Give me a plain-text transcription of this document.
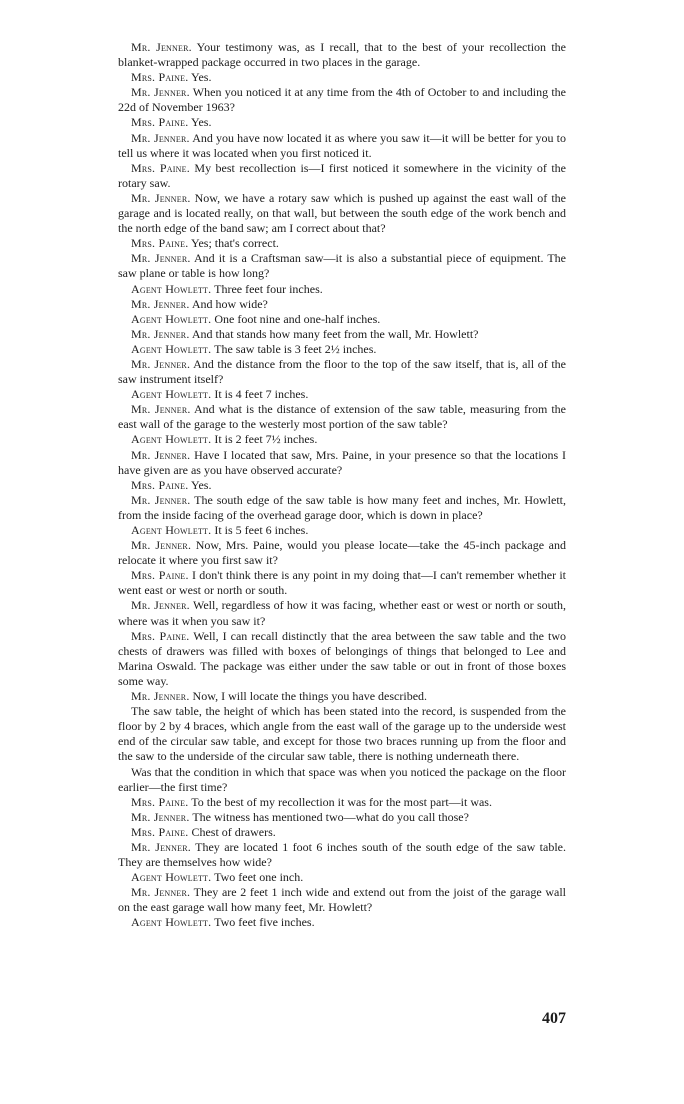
Mr. Jenner. Your testimony was, as I recall, that to the best of your recollection the blanket-wrapped package occurred in two places in the garage.

Mrs. Paine. Yes.

Mr. Jenner. When you noticed it at any time from the 4th of October to and including the 22d of November 1963?

Mrs. Paine. Yes.

Mr. Jenner. And you have now located it as where you saw it—it will be better for you to tell us where it was located when you first noticed it.

Mrs. Paine. My best recollection is—I first noticed it somewhere in the vicinity of the rotary saw.

Mr. Jenner. Now, we have a rotary saw which is pushed up against the east wall of the garage and is located really, on that wall, but between the south edge of the work bench and the north edge of the band saw; am I correct about that?

Mrs. Paine. Yes; that's correct.

Mr. Jenner. And it is a Craftsman saw—it is also a substantial piece of equipment. The saw plane or table is how long?

Agent Howlett. Three feet four inches.

Mr. Jenner. And how wide?

Agent Howlett. One foot nine and one-half inches.

Mr. Jenner. And that stands how many feet from the wall, Mr. Howlett?

Agent Howlett. The saw table is 3 feet 2½ inches.

Mr. Jenner. And the distance from the floor to the top of the saw itself, that is, all of the saw instrument itself?

Agent Howlett. It is 4 feet 7 inches.

Mr. Jenner. And what is the distance of extension of the saw table, measuring from the east wall of the garage to the westerly most portion of the saw table?

Agent Howlett. It is 2 feet 7½ inches.

Mr. Jenner. Have I located that saw, Mrs. Paine, in your presence so that the locations I have given are as you have observed accurate?

Mrs. Paine. Yes.

Mr. Jenner. The south edge of the saw table is how many feet and inches, Mr. Howlett, from the inside facing of the overhead garage door, which is down in place?

Agent Howlett. It is 5 feet 6 inches.

Mr. Jenner. Now, Mrs. Paine, would you please locate—take the 45-inch package and relocate it where you first saw it?

Mrs. Paine. I don't think there is any point in my doing that—I can't remember whether it went east or west or north or south.

Mr. Jenner. Well, regardless of how it was facing, whether east or west or north or south, where was it when you saw it?

Mrs. Paine. Well, I can recall distinctly that the area between the saw table and the two chests of drawers was filled with boxes of belongings of things that belonged to Lee and Marina Oswald. The package was either under the saw table or out in front of those boxes some way.

Mr. Jenner. Now, I will locate the things you have described.

The saw table, the height of which has been stated into the record, is suspended from the floor by 2 by 4 braces, which angle from the east wall of the garage up to the underside west end of the circular saw table, and except for those two braces running up from the floor and the saw to the underside of the circular saw table, there is nothing underneath there.

Was that the condition in which that space was when you noticed the package on the floor earlier—the first time?

Mrs. Paine. To the best of my recollection it was for the most part—it was.

Mr. Jenner. The witness has mentioned two—what do you call those?

Mrs. Paine. Chest of drawers.

Mr. Jenner. They are located 1 foot 6 inches south of the south edge of the saw table. They are themselves how wide?

Agent Howlett. Two feet one inch.

Mr. Jenner. They are 2 feet 1 inch wide and extend out from the joist of the garage wall on the east garage wall how many feet, Mr. Howlett?

Agent Howlett. Two feet five inches.

407
